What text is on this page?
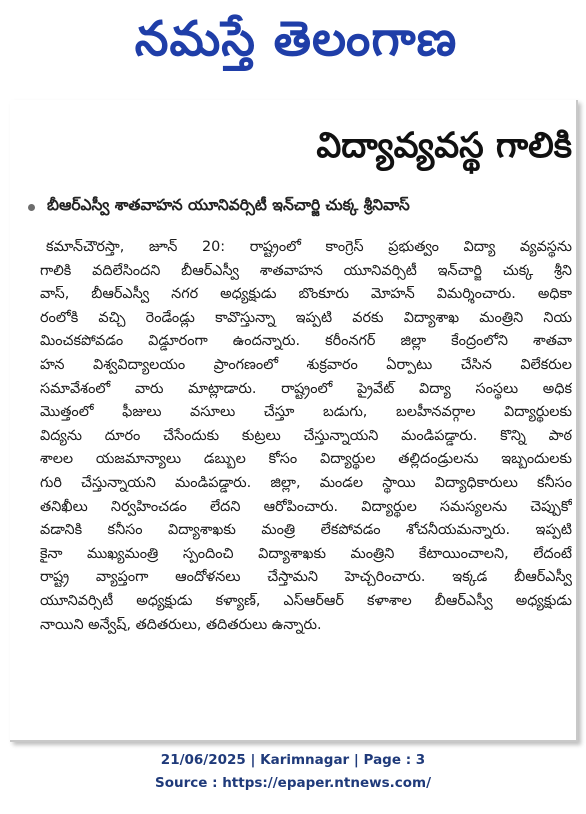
నమస్తే తెలంగాణ
విద్యావ్యవస్థ గాలికి
బీఆర్ఎస్వీ శాతవాహన యూనివర్సిటీ ఇన్‌చార్జి చుక్క శ్రీనివాస్
కమాన్‌చౌరస్తా, జూన్ 20: రాష్ట్రంలో కాంగ్రెస్ ప్రభుత్వం విద్యా వ్యవస్థను
గాలికి వదిలేసిందని బీఆర్ఎస్వీ శాతవాహన యూనివర్సిటీ ఇన్‌చార్జి చుక్క శ్రీని
వాస్, బీఆర్ఎస్వీ నగర అధ్యక్షుడు బొంకూరు మోహన్ విమర్శించారు. అధికా
రంలోకి వచ్చి రెండేండ్లు కావొస్తున్నా ఇప్పటి వరకు విద్యాశాఖ మంత్రిని నియ
మించకపోవడం విడ్డూరంగా ఉందన్నారు. కరీంనగర్ జిల్లా కేంద్రంలోని శాతవా
హన విశ్వవిద్యాలయం ప్రాంగణంలో శుక్రవారం ఏర్పాటు చేసిన విలేకరుల
సమావేశంలో వారు మాట్లాడారు. రాష్ట్రంలో ప్రైవేట్ విద్యా సంస్థలు అధిక
మొత్తంలో ఫీజులు వసూలు చేస్తూ బడుగు, బలహీనవర్గాల విద్యార్థులకు
విద్యను దూరం చేసేందుకు కుట్రలు చేస్తున్నాయని మండిపడ్డారు. కొన్ని పాఠ
శాలల యజమాన్యాలు డబ్బుల కోసం విద్యార్థుల తల్లిదండ్రులను ఇబ్బందులకు
గురి చేస్తున్నాయని మండిపడ్డారు. జిల్లా, మండల స్థాయి విద్యాధికారులు కనీసం
తనిఖీలు నిర్వహించడం లేదని ఆరోపించారు. విద్యార్థుల సమస్యలను చెప్పుకో
వడానికి కనీసం విద్యాశాఖకు మంత్రి లేకపోవడం శోచనీయమన్నారు. ఇప్పటి
కైనా ముఖ్యమంత్రి స్పందించి విద్యాశాఖకు మంత్రిని కేటాయించాలని, లేదంటే
రాష్ట్ర వ్యాప్తంగా ఆందోళనలు చేస్తామని హెచ్చరించారు. ఇక్కడ బీఆర్ఎస్వీ
యూనివర్సిటీ అధ్యక్షుడు కళ్యాణ్, ఎస్ఆర్ఆర్ కళాశాల బీఆర్ఎస్వీ అధ్యక్షుడు
నాయిని అన్వేష్, తదితరులు, తదితరులు ఉన్నారు.
21/06/2025 | Karimnagar | Page : 3
Source : https://epaper.ntnews.com/
